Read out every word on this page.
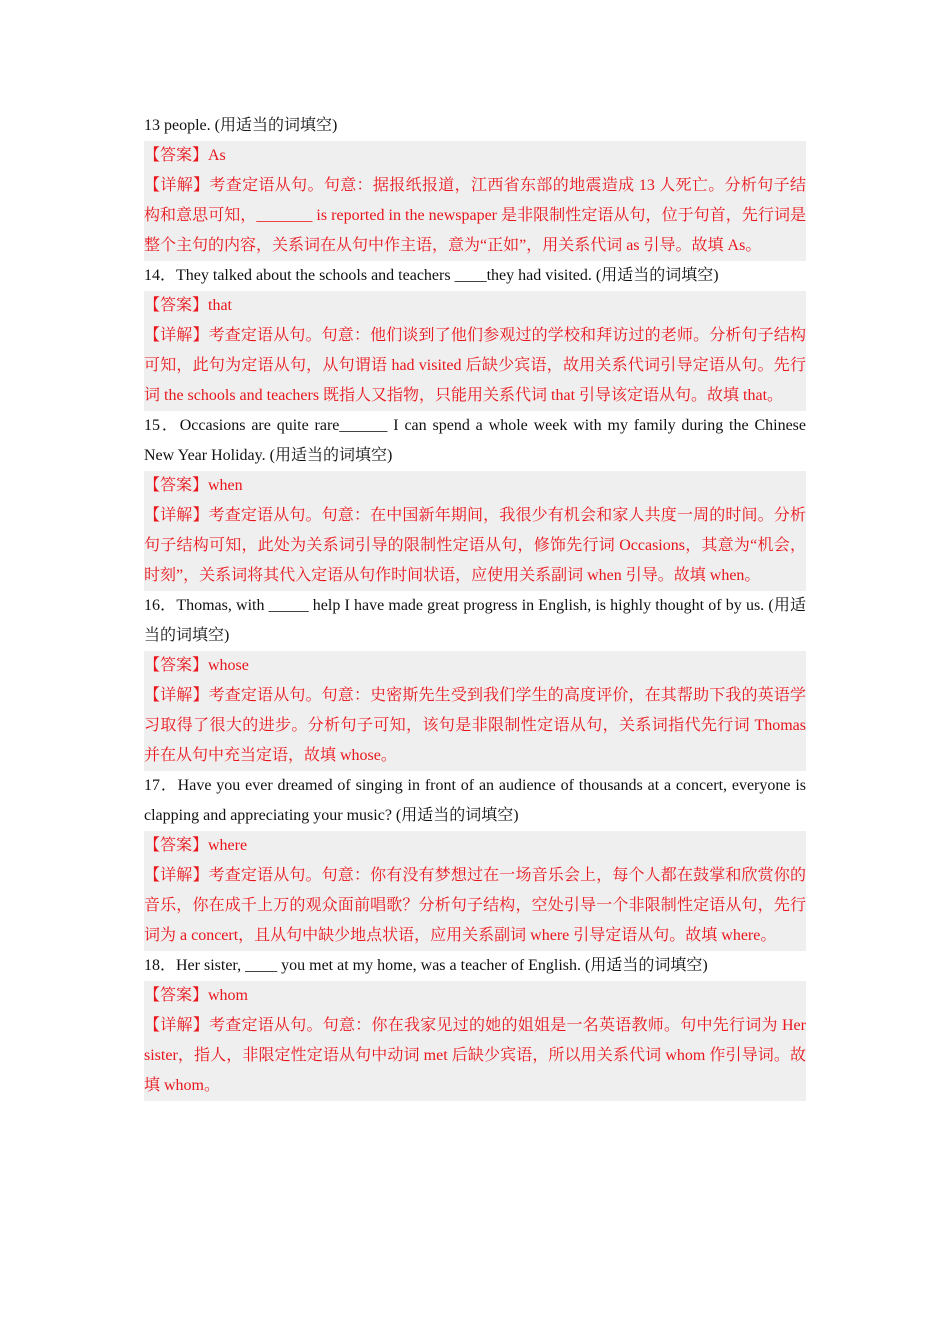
13 people. (用适当的词填空)

【答案】As

【详解】考查定语从句。句意：据报纸报道，江西省东部的地震造成 13 人死亡。分析句子结构和意思可知，_______ is reported in the newspaper 是非限制性定语从句，位于句首，先行词是整个主句的内容，关系词在从句中作主语，意为“正如”，用关系代词 as 引导。故填 As。

14．They talked about the schools and teachers ____they had visited. (用适当的词填空)

【答案】that

【详解】考查定语从句。句意：他们谈到了他们参观过的学校和拜访过的老师。分析句子结构可知，此句为定语从句，从句谓语 had visited 后缺少宾语，故用关系代词引导定语从句。先行词 the schools and teachers 既指人又指物，只能用关系代词 that 引导该定语从句。故填 that。

15．Occasions are quite rare______ I can spend a whole week with my family during the Chinese New Year Holiday. (用适当的词填空)

【答案】when

【详解】考查定语从句。句意：在中国新年期间，我很少有机会和家人共度一周的时间。分析句子结构可知，此处为关系词引导的限制性定语从句，修饰先行词 Occasions，其意为“机会，时刻”，关系词将其代入定语从句作时间状语，应使用关系副词 when 引导。故填 when。

16．Thomas, with _____ help I have made great progress in English, is highly thought of by us. (用适当的词填空)

【答案】whose

【详解】考查定语从句。句意：史密斯先生受到我们学生的高度评价，在其帮助下我的英语学习取得了很大的进步。分析句子可知，该句是非限制性定语从句，关系词指代先行词 Thomas 并在从句中充当定语，故填 whose。

17．Have you ever dreamed of singing in front of an audience of thousands at a concert, everyone is clapping and appreciating your music? (用适当的词填空)

【答案】where

【详解】考查定语从句。句意：你有没有梦想过在一场音乐会上，每个人都在鼓掌和欣赏你的音乐，你在成千上万的观众面前唱歌？分析句子结构，空处引导一个非限制性定语从句，先行词为 a concert，且从句中缺少地点状语，应用关系副词 where 引导定语从句。故填 where。

18．Her sister, ____ you met at my home, was a teacher of English. (用适当的词填空)

【答案】whom

【详解】考查定语从句。句意：你在我家见过的她的姐姐是一名英语教师。句中先行词为 Her sister，指人，非限定性定语从句中动词 met 后缺少宾语，所以用关系代词 whom 作引导词。故填 whom。
